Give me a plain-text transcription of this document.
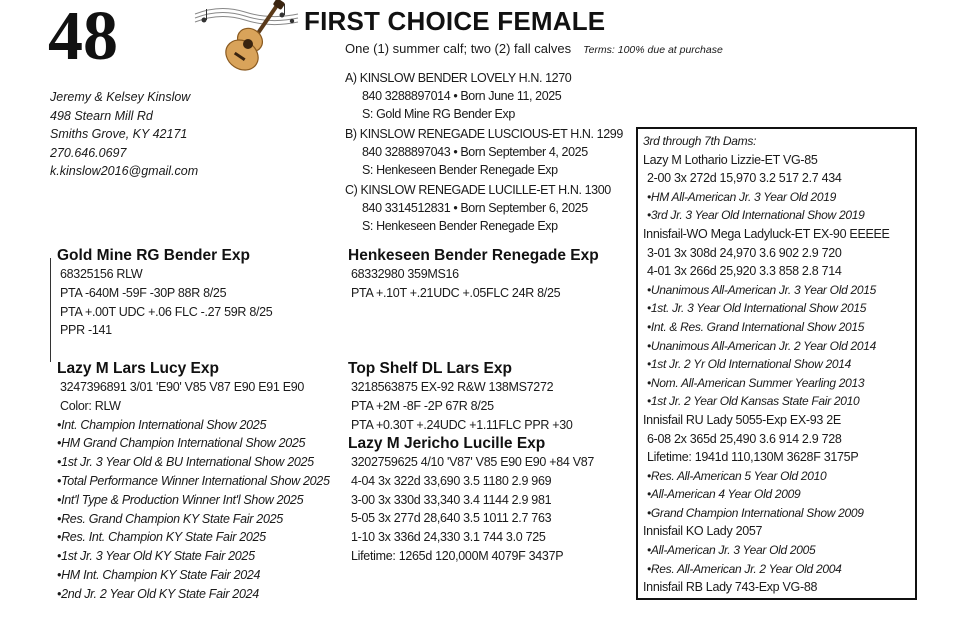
48	FIRST CHOICE FEMALE
One (1) summer calf; two (2) fall calves Terms: 100% due at purchase
Jeremy & Kelsey Kinslow
498 Stearn Mill Rd
Smiths Grove, KY 42171
270.646.0697
k.kinslow2016@gmail.com
A) KINSLOW BENDER LOVELY H.N. 1270
840 3288897014 • Born June 11, 2025
S: Gold Mine RG Bender Exp
B) KINSLOW RENEGADE LUSCIOUS-ET H.N. 1299
840 3288897043 • Born September 4, 2025
S: Henkeseen Bender Renegade Exp
C) KINSLOW RENEGADE LUCILLE-ET H.N. 1300
840 3314512831 • Born September 6, 2025
S: Henkeseen Bender Renegade Exp
Gold Mine RG Bender Exp
68325156 RLW
PTA -640M -59F -30P 88R 8/25
PTA +.00T UDC +.06 FLC -.27 59R 8/25
PPR -141
Henkeseen Bender Renegade Exp
68332980 359MS16
PTA +.10T +.21UDC +.05FLC 24R 8/25
Lazy M Lars Lucy Exp
3247396891 3/01 'E90' V85 V87 E90 E91 E90
Color: RLW
•Int. Champion International Show 2025
•HM Grand Champion International Show 2025
•1st Jr. 3 Year Old & BU International Show 2025
•Total Performance Winner International Show 2025
•Int'l Type & Production Winner Int'l Show 2025
•Res. Grand Champion KY State Fair 2025
•Res. Int. Champion KY State Fair 2025
•1st Jr. 3 Year Old KY State Fair 2025
•HM Int. Champion KY State Fair 2024
•2nd Jr. 2 Year Old KY State Fair 2024
Top Shelf DL Lars Exp
3218563875 EX-92 R&W 138MS7272
PTA +2M -8F -2P 67R 8/25
PTA +0.30T +.24UDC +1.11FLC PPR +30
Lazy M Jericho Lucille Exp
3202759625 4/10 'V87' V85 E90 E90 +84 V87
4-04 3x 322d 33,690 3.5 1180 2.9 969
3-00 3x 330d 33,340 3.4 1144 2.9 981
5-05 3x 277d 28,640 3.5 1011 2.7 763
1-10 3x 336d 24,330 3.1 744 3.0 725
Lifetime: 1265d 120,000M 4079F 3437P
3rd through 7th Dams:
Lazy M Lothario Lizzie-ET VG-85
2-00 3x 272d 15,970 3.2 517 2.7 434
•HM All-American Jr. 3 Year Old 2019
•3rd Jr. 3 Year Old International Show 2019
Innisfail-WO Mega Ladyluck-ET EX-90 EEEEE
3-01 3x 308d 24,970 3.6 902 2.9 720
4-01 3x 266d 25,920 3.3 858 2.8 714
•Unanimous All-American Jr. 3 Year Old 2015
•1st. Jr. 3 Year Old International Show 2015
•Int. & Res. Grand International Show 2015
•Unanimous All-American Jr. 2 Year Old 2014
•1st Jr. 2 Yr Old International Show 2014
•Nom. All-American Summer Yearling 2013
•1st Jr. 2 Year Old Kansas State Fair 2010
Innisfail RU Lady 5055-Exp EX-93 2E
6-08 2x 365d 25,490 3.6 914 2.9 728
Lifetime: 1941d 110,130M 3628F 3175P
•Res. All-American 5 Year Old 2010
•All-American 4 Year Old 2009
•Grand Champion International Show 2009
Innisfail KO Lady 2057
•All-American Jr. 3 Year Old 2005
•Res. All-American Jr. 2 Year Old 2004
Innisfail RB Lady 743-Exp VG-88
